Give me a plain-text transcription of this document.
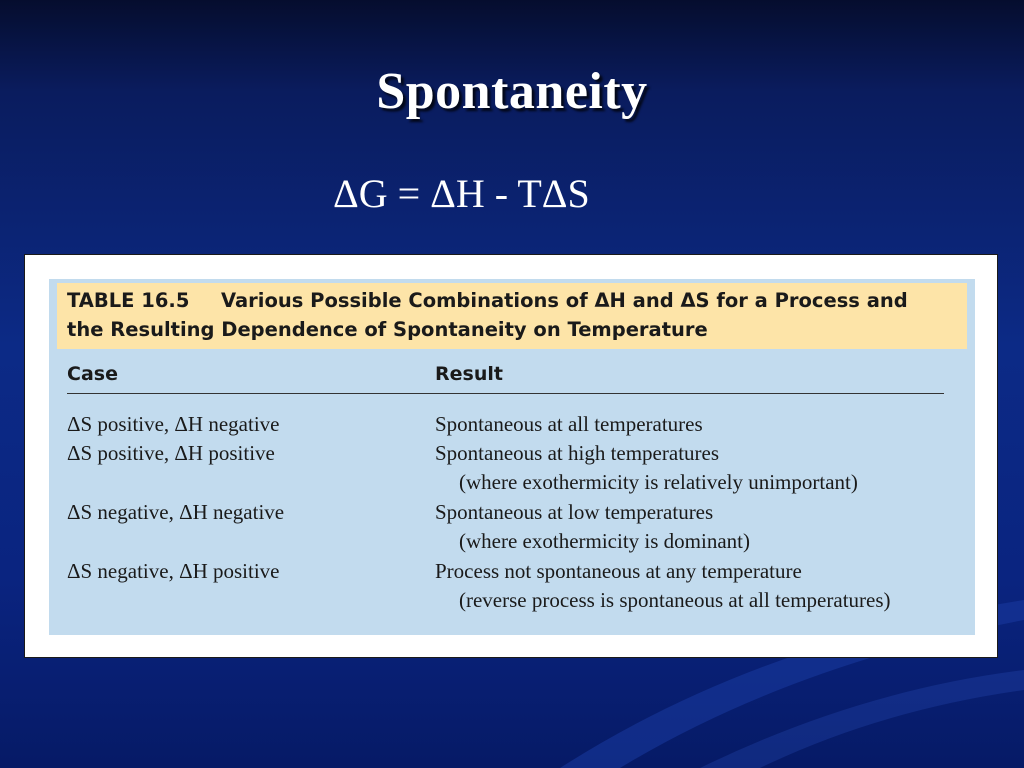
Spontaneity
ΔG = ΔH - TΔS
TABLE 16.5 Various Possible Combinations of ΔH and ΔS for a Process and
the Resulting Dependence of Spontaneity on Temperature
Case	Result
ΔS positive, ΔH negative	Spontaneous at all temperatures
ΔS positive, ΔH positive	Spontaneous at high temperatures
(where exothermicity is relatively unimportant)
ΔS negative, ΔH negative	Spontaneous at low temperatures
(where exothermicity is dominant)
ΔS negative, ΔH positive	Process not spontaneous at any temperature
(reverse process is spontaneous at all temperatures)
